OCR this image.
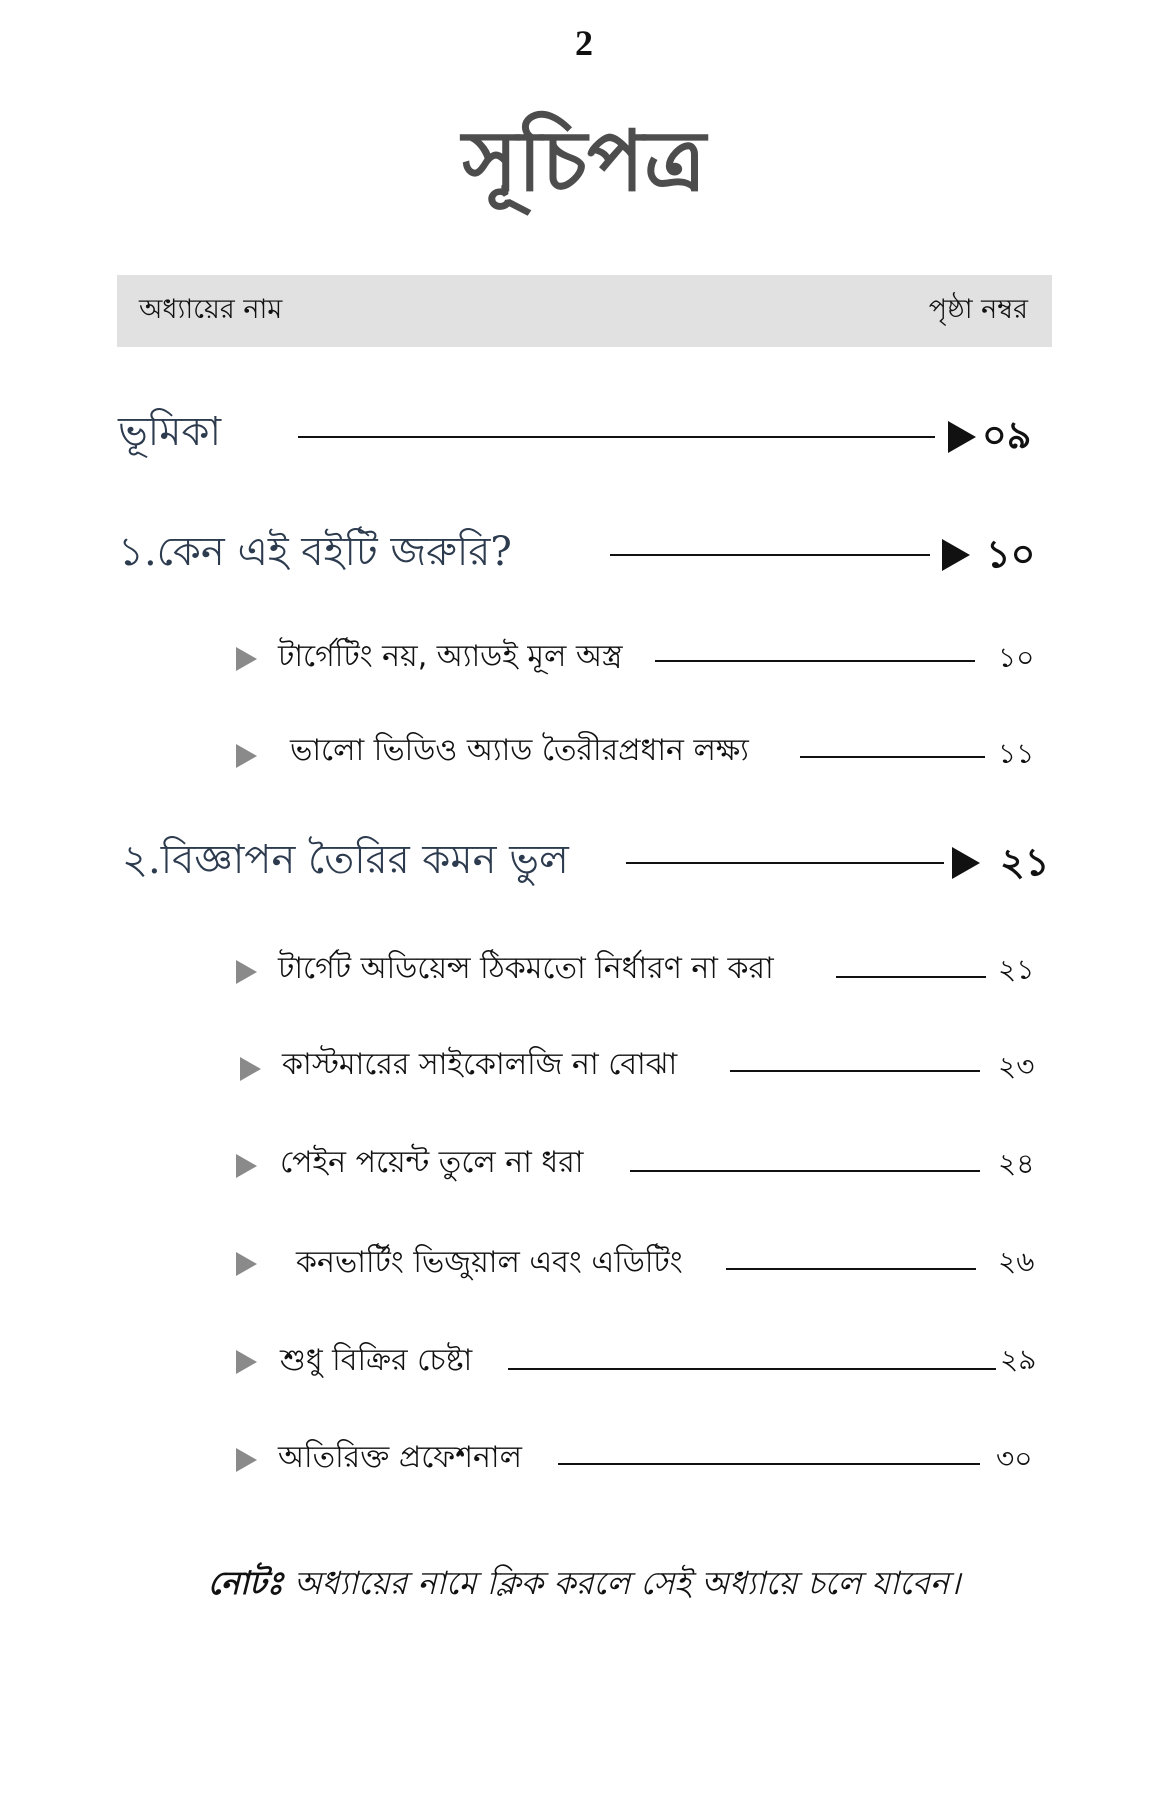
2
সূচিপত্র
অধ্যায়ের নাম	পৃষ্ঠা নম্বর
ভূমিকা	০৯
১.কেন এই বইটি জরুরি?	১০
টার্গেটিং নয়, অ্যাডই মূল অস্ত্র	১০
ভালো ভিডিও অ্যাড তৈরীরপ্রধান লক্ষ্য	১১
২.বিজ্ঞাপন তৈরির কমন ভুল	২১
টার্গেট অডিয়েন্স ঠিকমতো নির্ধারণ না করা	২১
কাস্টমারের সাইকোলজি না বোঝা	২৩
পেইন পয়েন্ট তুলে না ধরা	২৪
কনভার্টিং ভিজুয়াল এবং এডিটিং	২৬
শুধু বিক্রির চেষ্টা	২৯
অতিরিক্ত প্রফেশনাল	৩০
নোটঃ অধ্যায়ের নামে ক্লিক করলে সেই অধ্যায়ে চলে যাবেন।
